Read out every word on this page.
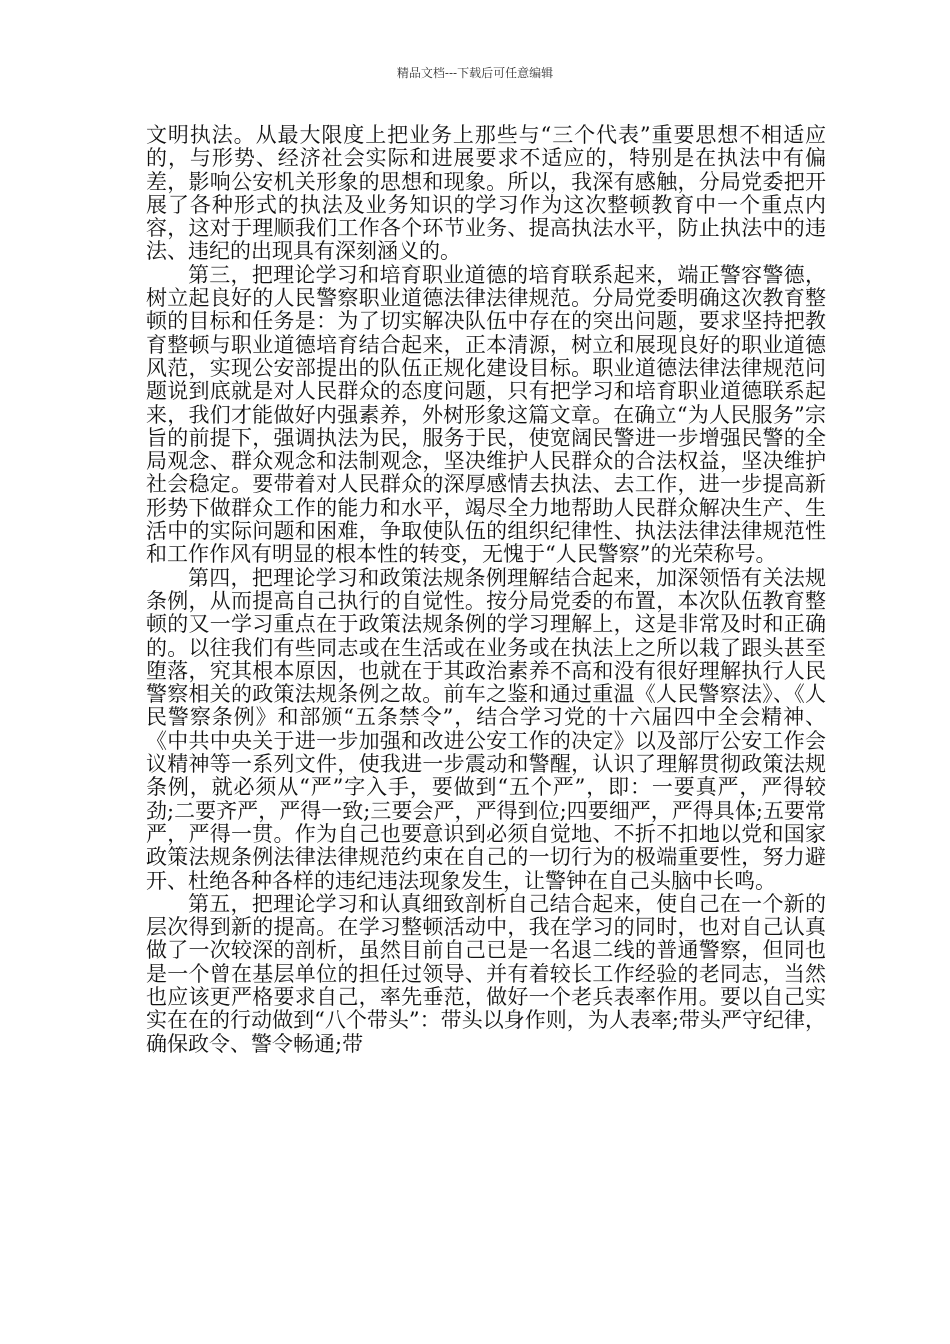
精品文档---下载后可任意编辑

文明执法。从最大限度上把业务上那些与“三个代表”重要思想不相适应的，与形势、经济社会实际和进展要求不适应的，特别是在执法中有偏差，影响公安机关形象的思想和现象。所以，我深有感触，分局党委把开展了各种形式的执法及业务知识的学习作为这次整顿教育中一个重点内容，这对于理顺我们工作各个环节业务、提高执法水平，防止执法中的违法、违纪的出现具有深刻涵义的。

第三，把理论学习和培育职业道德的培育联系起来，端正警容警德，树立起良好的人民警察职业道德法律法律规范。分局党委明确这次教育整顿的目标和任务是：为了切实解决队伍中存在的突出问题，要求坚持把教育整顿与职业道德培育结合起来，正本清源，树立和展现良好的职业道德风范，实现公安部提出的队伍正规化建设目标。职业道德法律法律规范问题说到底就是对人民群众的态度问题，只有把学习和培育职业道德联系起来，我们才能做好内强素养，外树形象这篇文章。在确立“为人民服务”宗旨的前提下，强调执法为民，服务于民，使宽阔民警进一步增强民警的全局观念、群众观念和法制观念，坚决维护人民群众的合法权益，坚决维护社会稳定。要带着对人民群众的深厚感情去执法、去工作，进一步提高新形势下做群众工作的能力和水平，竭尽全力地帮助人民群众解决生产、生活中的实际问题和困难，争取使队伍的组织纪律性、执法法律法律规范性和工作作风有明显的根本性的转变，无愧于“人民警察”的光荣称号。

第四，把理论学习和政策法规条例理解结合起来，加深领悟有关法规条例，从而提高自己执行的自觉性。按分局党委的布置，本次队伍教育整顿的又一学习重点在于政策法规条例的学习理解上，这是非常及时和正确的。以往我们有些同志或在生活或在业务或在执法上之所以栽了跟头甚至堕落，究其根本原因，也就在于其政治素养不高和没有很好理解执行人民警察相关的政策法规条例之故。前车之鉴和通过重温《人民警察法》、《人民警察条例》和部颁“五条禁令”，结合学习党的十六届四中全会精神、《中共中央关于进一步加强和改进公安工作的决定》以及部厅公安工作会议精神等一系列文件，使我进一步震动和警醒，认识了理解贯彻政策法规条例，就必须从“严”字入手，要做到“五个严”，即：一要真严，严得较劲;二要齐严，严得一致;三要会严，严得到位;四要细严，严得具体;五要常严，严得一贯。作为自己也要意识到必须自觉地、不折不扣地以党和国家政策法规条例法律法律规范约束在自己的一切行为的极端重要性，努力避开、杜绝各种各样的违纪违法现象发生，让警钟在自己头脑中长鸣。

第五，把理论学习和认真细致剖析自己结合起来，使自己在一个新的层次得到新的提高。在学习整顿活动中，我在学习的同时，也对自己认真做了一次较深的剖析，虽然目前自己已是一名退二线的普通警察，但同也是一个曾在基层单位的担任过领导、并有着较长工作经验的老同志，当然也应该更严格要求自己，率先垂范，做好一个老兵表率作用。要以自己实实在在的行动做到“八个带头”：带头以身作则，为人表率;带头严守纪律，确保政令、警令畅通;带
